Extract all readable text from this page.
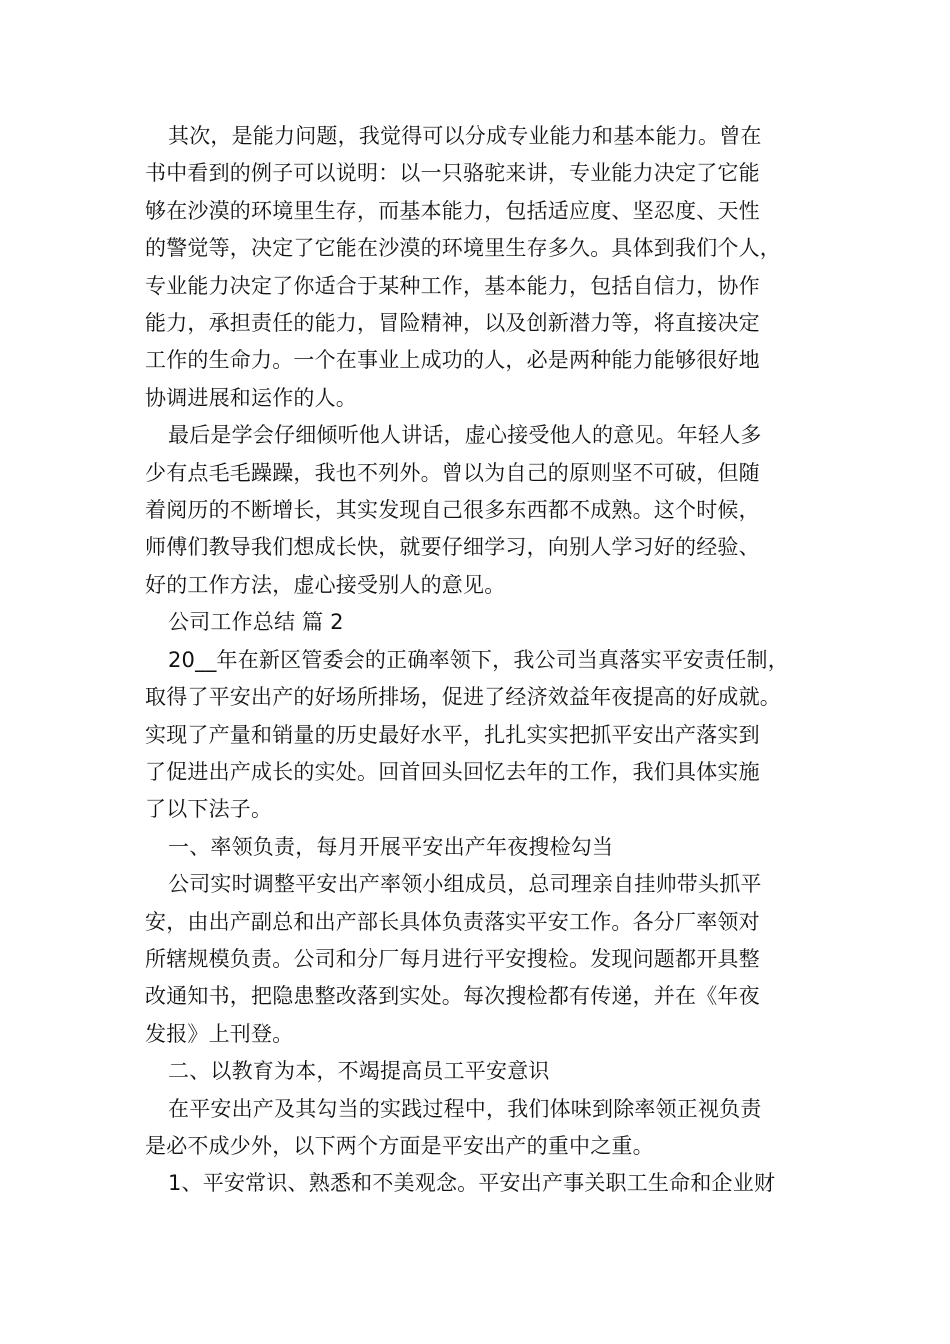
其次，是能力问题，我觉得可以分成专业能力和基本能力。曾在
书中看到的例子可以说明：以一只骆驼来讲，专业能力决定了它能
够在沙漠的环境里生存，而基本能力，包括适应度、坚忍度、天性
的警觉等，决定了它能在沙漠的环境里生存多久。具体到我们个人，
专业能力决定了你适合于某种工作，基本能力，包括自信力，协作
能力，承担责任的能力，冒险精神，以及创新潜力等，将直接决定
工作的生命力。一个在事业上成功的人，必是两种能力能够很好地
协调进展和运作的人。

最后是学会仔细倾听他人讲话，虚心接受他人的意见。年轻人多
少有点毛毛躁躁，我也不列外。曾以为自己的原则坚不可破，但随
着阅历的不断增长，其实发现自己很多东西都不成熟。这个时候，
师傅们教导我们想成长快，就要仔细学习，向别人学习好的经验、
好的工作方法，虚心接受别人的意见。

公司工作总结 篇 2

20__年在新区管委会的正确率领下，我公司当真落实平安责任制，
取得了平安出产的好场所排场，促进了经济效益年夜提高的好成就。
实现了产量和销量的历史最好水平，扎扎实实把抓平安出产落实到
了促进出产成长的实处。回首回头回忆去年的工作，我们具体实施
了以下法子。

一、率领负责，每月开展平安出产年夜搜检勾当

公司实时调整平安出产率领小组成员，总司理亲自挂帅带头抓平
安，由出产副总和出产部长具体负责落实平安工作。各分厂率领对
所辖规模负责。公司和分厂每月进行平安搜检。发现问题都开具整
改通知书，把隐患整改落到实处。每次搜检都有传递，并在《年夜
发报》上刊登。

二、以教育为本，不竭提高员工平安意识

在平安出产及其勾当的实践过程中，我们体味到除率领正视负责
是必不成少外，以下两个方面是平安出产的重中之重。

1、平安常识、熟悉和不美观念。平安出产事关职工生命和企业财
